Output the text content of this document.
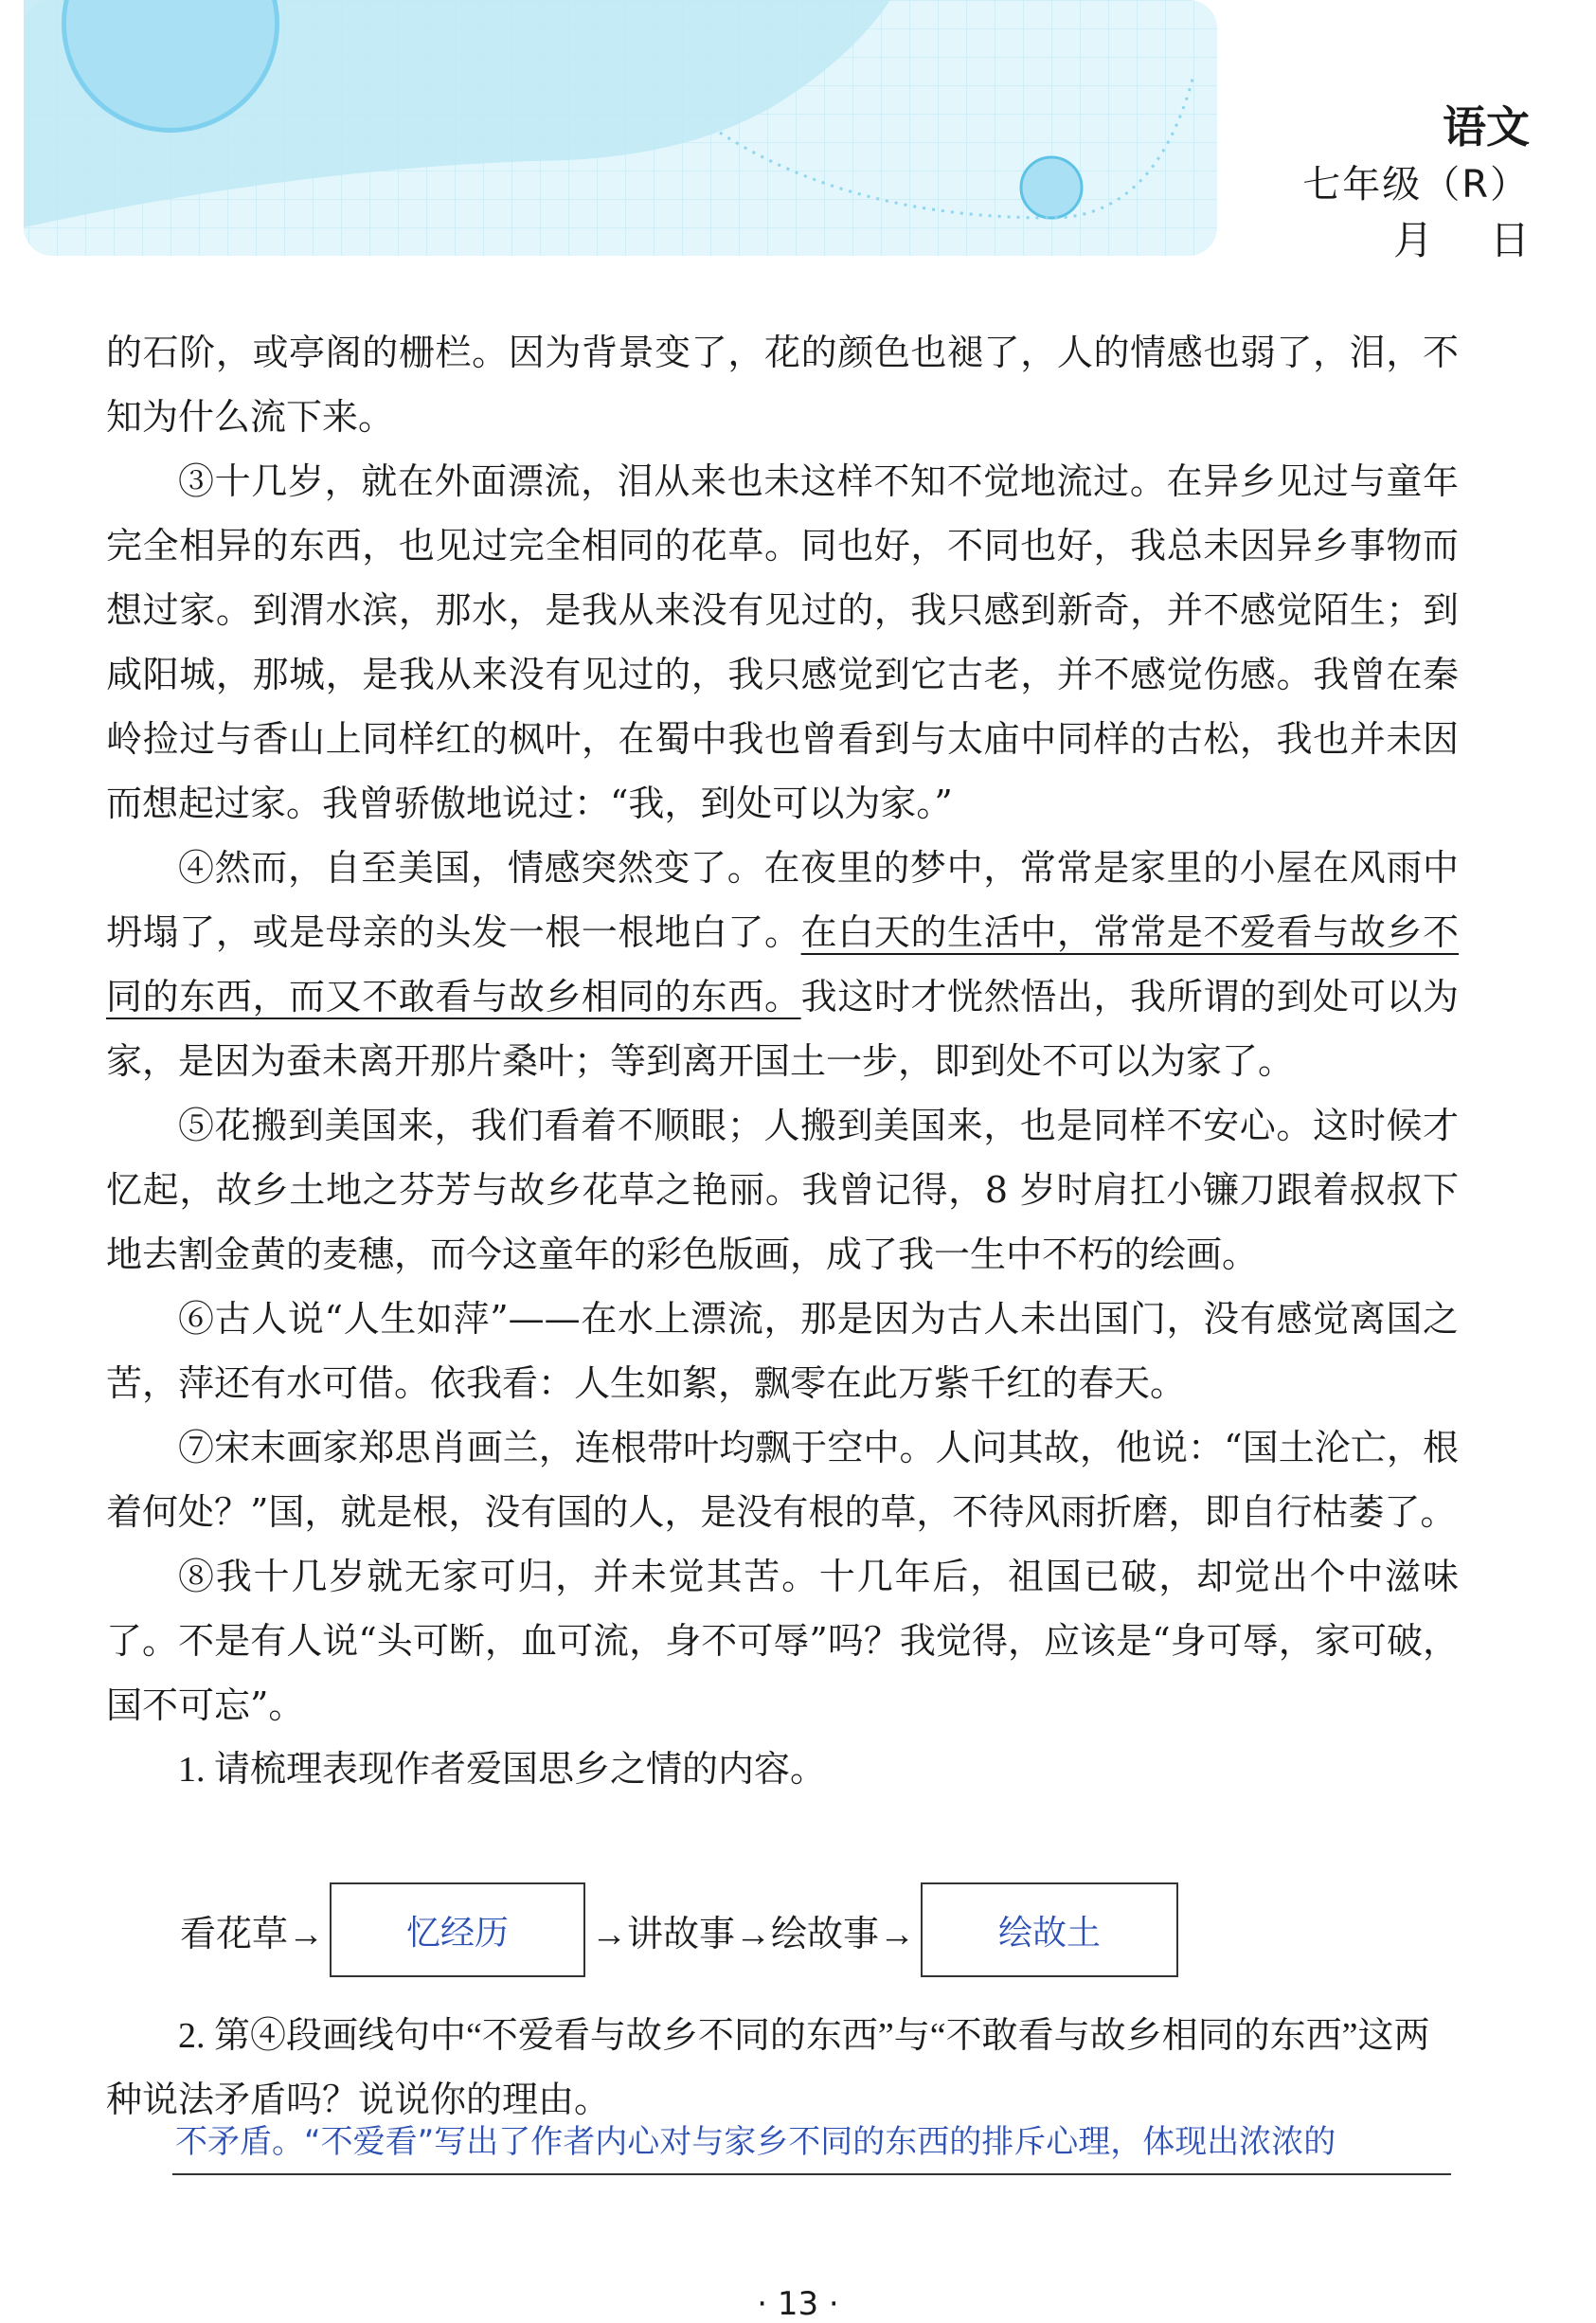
语文
七年级（R）
月 日

的石阶，或亭阁的栅栏。因为背景变了，花的颜色也褪了，人的情感也弱了，泪，不知为什么流下来。

③十几岁，就在外面漂流，泪从来也未这样不知不觉地流过。在异乡见过与童年完全相异的东西，也见过完全相同的花草。同也好，不同也好，我总未因异乡事物而想过家。到渭水滨，那水，是我从来没有见过的，我只感到新奇，并不感觉陌生；到咸阳城，那城，是我从来没有见过的，我只感觉到它古老，并不感觉伤感。我曾在秦岭捡过与香山上同样红的枫叶，在蜀中我也曾看到与太庙中同样的古松，我也并未因而想起过家。我曾骄傲地说过：“我，到处可以为家。”

④然而，自至美国，情感突然变了。在夜里的梦中，常常是家里的小屋在风雨中坍塌了，或是母亲的头发一根一根地白了。在白天的生活中，常常是不爱看与故乡不同的东西，而又不敢看与故乡相同的东西。我这时才恍然悟出，我所谓的到处可以为家，是因为蚕未离开那片桑叶；等到离开国土一步，即到处不可以为家了。

⑤花搬到美国来，我们看着不顺眼；人搬到美国来，也是同样不安心。这时候才忆起，故乡土地之芬芳与故乡花草之艳丽。我曾记得，8 岁时肩扛小镰刀跟着叔叔下地去割金黄的麦穗，而今这童年的彩色版画，成了我一生中不朽的绘画。

⑥古人说“人生如萍”——在水上漂流，那是因为古人未出国门，没有感觉离国之苦，萍还有水可借。依我看：人生如絮，飘零在此万紫千红的春天。

⑦宋末画家郑思肖画兰，连根带叶均飘于空中。人问其故，他说：“国土沦亡，根着何处？”国，就是根，没有国的人，是没有根的草，不待风雨折磨，即自行枯萎了。

⑧我十几岁就无家可归，并未觉其苦。十几年后，祖国已破，却觉出个中滋味了。不是有人说“头可断，血可流，身不可辱”吗？我觉得，应该是“身可辱，家可破，国不可忘”。

1. 请梳理表现作者爱国思乡之情的内容。

看花草→	忆经历	→讲故事→绘故事→	绘故土

2. 第④段画线句中“不爱看与故乡不同的东西”与“不敢看与故乡相同的东西”这两种说法矛盾吗？说说你的理由。

不矛盾。“不爱看”写出了作者内心对与家乡不同的东西的排斥心理，体现出浓浓的
· 13 ·
